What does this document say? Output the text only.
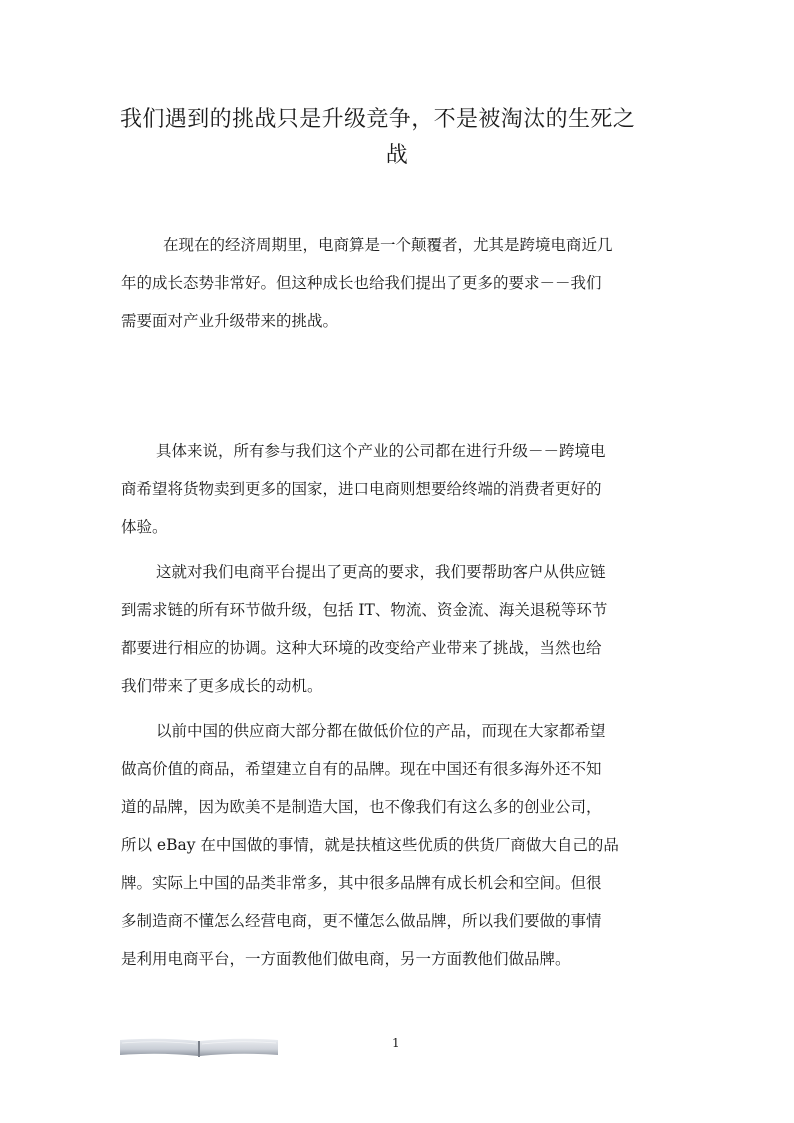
我们遇到的挑战只是升级竞争，不是被淘汰的生死之
战
在现在的经济周期里，电商算是一个颠覆者，尤其是跨境电商近几
年的成长态势非常好。但这种成长也给我们提出了更多的要求－－我们
需要面对产业升级带来的挑战。
具体来说，所有参与我们这个产业的公司都在进行升级－－跨境电
商希望将货物卖到更多的国家，进口电商则想要给终端的消费者更好的
体验。
这就对我们电商平台提出了更高的要求，我们要帮助客户从供应链
到需求链的所有环节做升级，包括 IT、物流、资金流、海关退税等环节
都要进行相应的协调。这种大环境的改变给产业带来了挑战，当然也给
我们带来了更多成长的动机。
以前中国的供应商大部分都在做低价位的产品，而现在大家都希望
做高价值的商品，希望建立自有的品牌。现在中国还有很多海外还不知
道的品牌，因为欧美不是制造大国，也不像我们有这么多的创业公司，
所以 eBay 在中国做的事情，就是扶植这些优质的供货厂商做大自己的品
牌。实际上中国的品类非常多，其中很多品牌有成长机会和空间。但很
多制造商不懂怎么经营电商，更不懂怎么做品牌，所以我们要做的事情
是利用电商平台，一方面教他们做电商，另一方面教他们做品牌。
1
